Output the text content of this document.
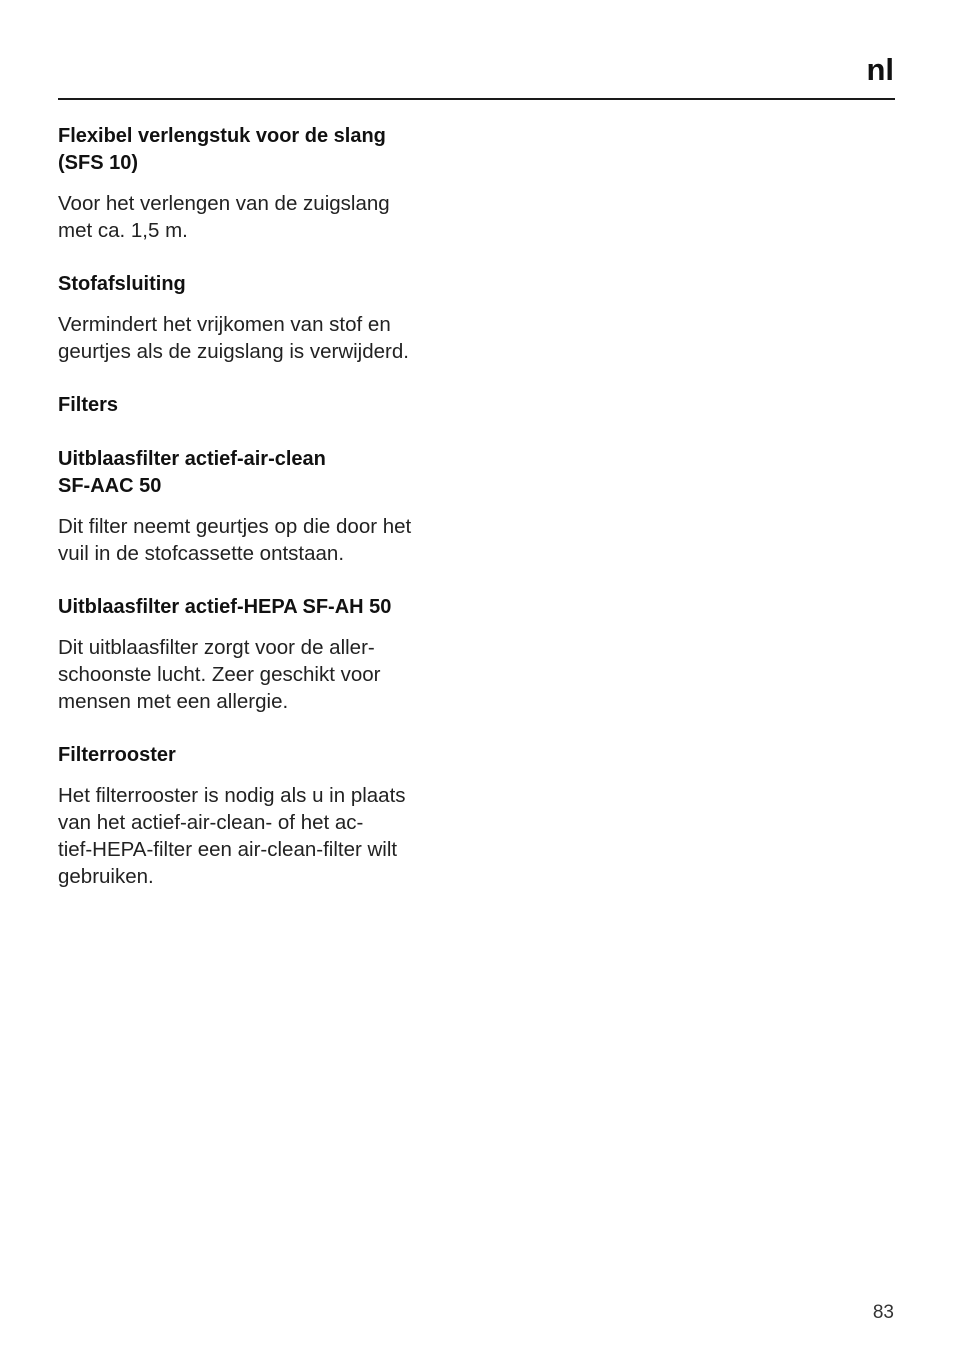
nl
Flexibel verlengstuk voor de slang
(SFS 10)

Voor het verlengen van de zuigslang
met ca. 1,5 m.

Stofafsluiting

Vermindert het vrijkomen van stof en
geurtjes als de zuigslang is verwijderd.

Filters
Uitblaasfilter actief-air-clean
SF-AAC 50

Dit filter neemt geurtjes op die door het
vuil in de stofcassette ontstaan.

Uitblaasfilter actief-HEPA SF-AH 50

Dit uitblaasfilter zorgt voor de aller-
schoonste lucht. Zeer geschikt voor
mensen met een allergie.

Filterrooster

Het filterrooster is nodig als u in plaats
van het actief-air-clean- of het ac-
tief-HEPA-filter een air-clean-filter wilt
gebruiken.

83
